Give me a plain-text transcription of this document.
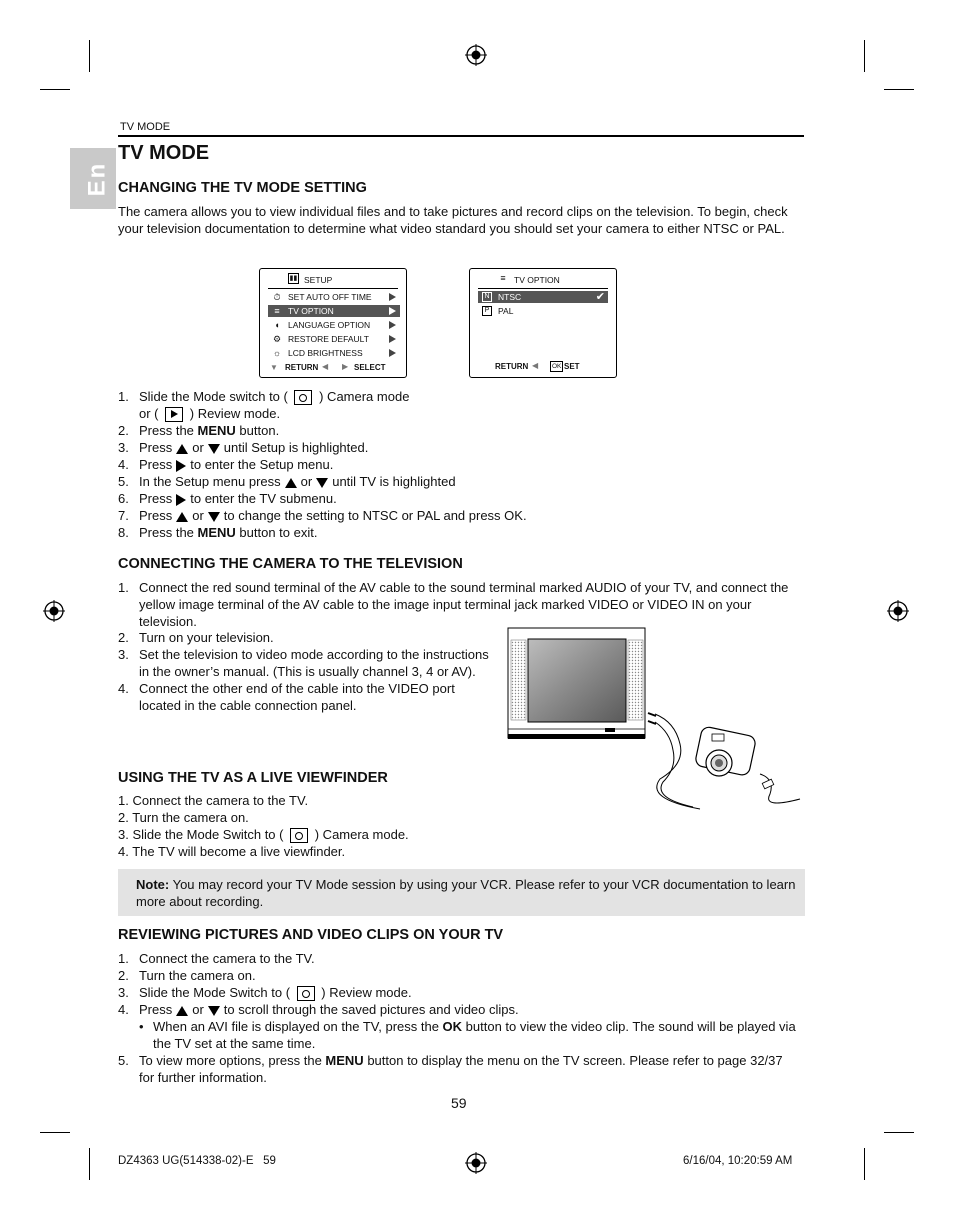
TV MODE
En
TV MODE
CHANGING THE TV MODE SETTING
The camera allows you to view individual files and to take pictures and record clips on the television. To begin, check your television documentation to determine what video standard you should set your camera to either NTSC or PAL.
▮▮ SETUP
⏱ SET AUTO OFF TIME
≡ TV OPTION
◖ LANGUAGE OPTION
⚙ RESTORE DEFAULT
☼ LCD BRIGHTNESS
▼ RETURN ◀ ▶ SELECT
≡ TV OPTION
N NTSC	✔
P	PAL
RETURN ◀	OK SET
1. Slide the Mode switch to ( ) Camera mode
or ( ) Review mode.
2. Press the MENU button.
3. Press or until Setup is highlighted.
4. Press to enter the Setup menu.
5. In the Setup menu press or until TV is highlighted
6. Press to enter the TV submenu.
7. Press or to change the setting to NTSC or PAL and press OK.
8. Press the MENU button to exit.
CONNECTING THE CAMERA TO THE TELEVISION
1. Connect the red sound terminal of the AV cable to the sound terminal marked AUDIO of your TV, and connect the yellow image terminal of the AV cable to the image input terminal jack marked VIDEO or VIDEO IN on your television.
2. Turn on your television.
3. Set the television to video mode according to the instructions in the owner’s manual. (This is usually channel 3, 4 or AV).
4. Connect the other end of the cable into the VIDEO port located in the cable connection panel.
USING THE TV AS A LIVE VIEWFINDER
1. Connect the camera to the TV.
2. Turn the camera on.
3. Slide the Mode Switch to ( ) Camera mode.
4. The TV will become a live viewfinder.
Note: You may record your TV Mode session by using your VCR. Please refer to your VCR documentation to learn more about recording.
REVIEWING PICTURES AND VIDEO CLIPS ON YOUR TV
1. Connect the camera to the TV.
2. Turn the camera on.
3. Slide the Mode Switch to ( ) Review mode.
4. Press or to scroll through the saved pictures and video clips.
• When an AVI file is displayed on the TV, press the OK button to view the video clip. The sound will be played via the TV set at the same time.
5. To view more options, press the MENU button to display the menu on the TV screen. Please refer to page 32/37 for further information.
59
DZ4363 UG(514338-02)-E   59	6/16/04, 10:20:59 AM
